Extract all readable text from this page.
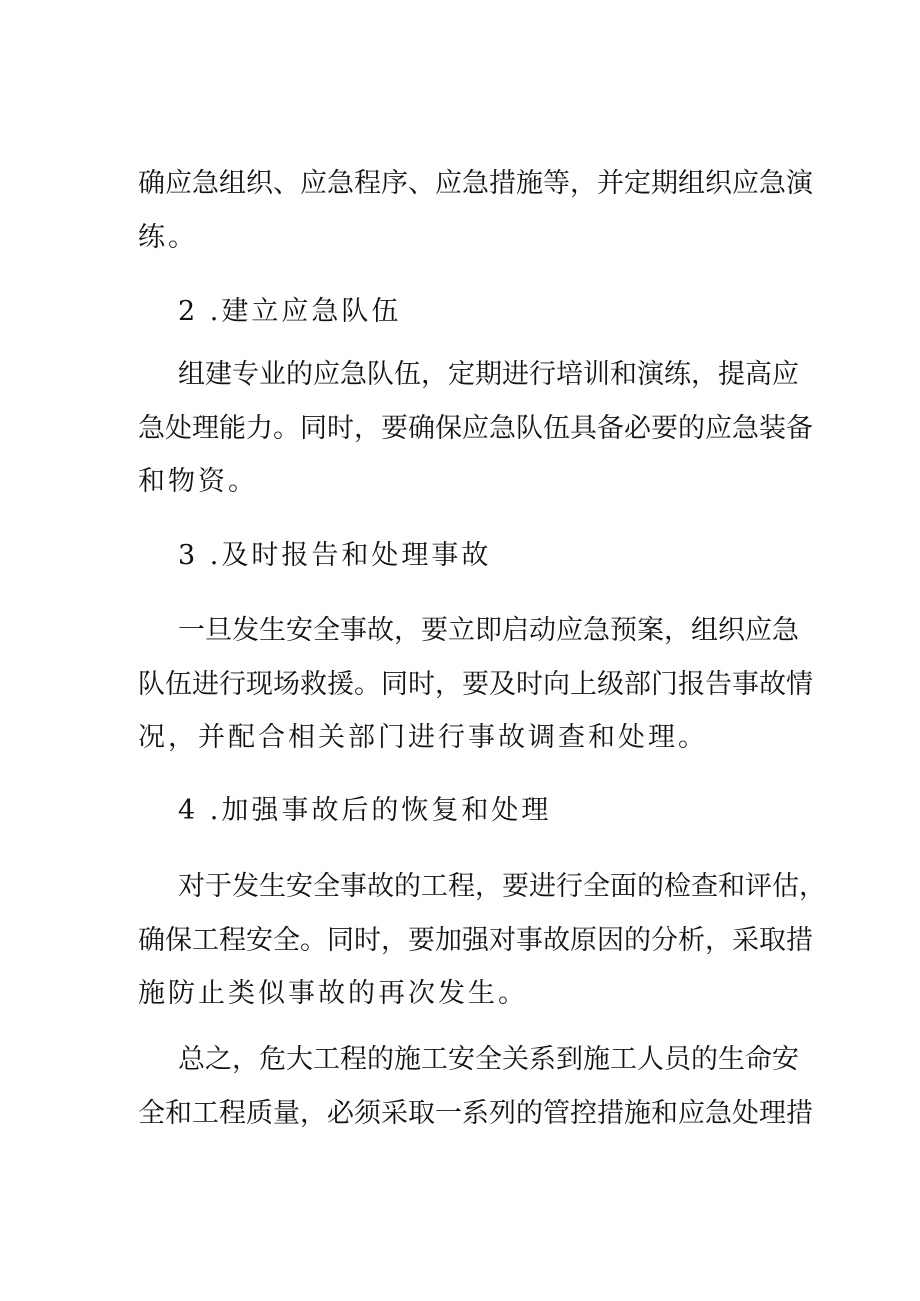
确 应 急 组 织 、 应 急 程 序 、 应 急 措 施 等 ， 并 定 期 组 织 应 急 演
练。
2 .建立应急队伍
组 建 专 业 的 应 急 队 伍 ， 定 期 进 行 培 训 和 演 练 ， 提 高 应
急 处 理 能 力 。 同 时 ， 要 确 保 应 急 队 伍 具 备 必 要 的 应 急 装 备
和物资。
3 .及时报告和处理事故
一 旦 发 生 安 全 事 故 ， 要 立 即 启 动 应 急 预 案 ， 组 织 应 急
队 伍 进 行 现 场 救 援 。 同 时 ， 要 及 时 向 上 级 部 门 报 告 事 故 情
况，并配合相关部门进行事故调查和处理。
4 .加强事故后的恢复和处理
对 于 发 生 安 全 事 故 的 工 程 ， 要 进 行 全 面 的 检 查 和 评 估 ，
确 保 工 程 安 全 。 同 时 ， 要 加 强 对 事 故 原 因 的 分 析 ， 采 取 措
施防止类似事故的再次发生。
总 之 ， 危 大 工 程 的 施 工 安 全 关 系 到 施 工 人 员 的 生 命 安
全 和 工 程 质 量 ， 必 须 采 取 一 系 列 的 管 控 措 施 和 应 急 处 理 措
